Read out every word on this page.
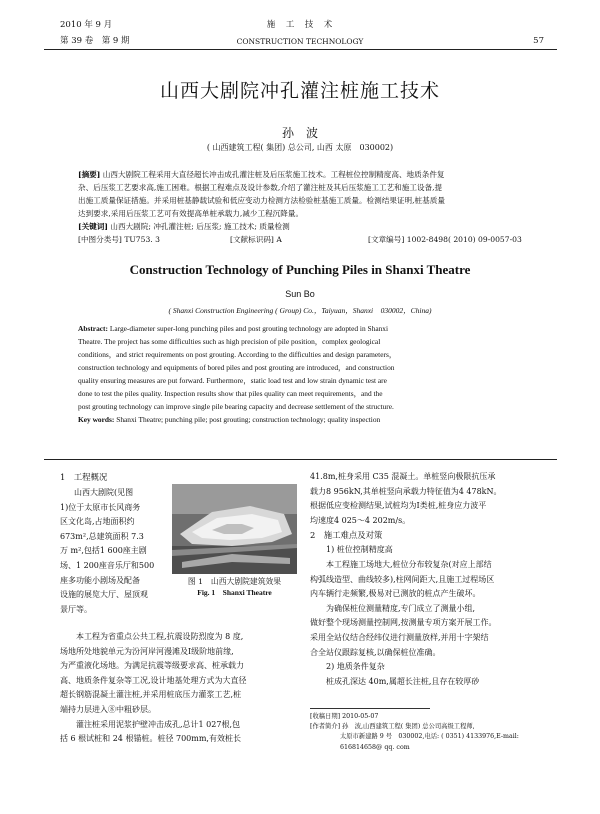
2010 年 9 月
第 39 卷　第 9 期
施　工　技　术
CONSTRUCTION TECHNOLOGY	57
山西大剧院冲孔灌注桩施工技术
孙　波
( 山西建筑工程( 集团) 总公司, 山西 太原　030002)
[摘要] 山西大剧院工程采用大直径超长冲击成孔灌注桩及后压浆施工技术。工程桩位控制精度高、地质条件复
杂、后压浆工艺要求高,施工困难。根据工程难点及设计参数,介绍了灌注桩及其后压浆施工工艺和施工设备,提
出施工质量保证措施。并采用桩基静载试验和低应变动力检测方法检验桩基施工质量。检测结果证明,桩基质量
达到要求,采用后压浆工艺可有效提高单桩承载力,减少工程沉降量。
[关键词] 山西大剧院; 冲孔灌注桩; 后压浆; 施工技术; 质量检测
[中图分类号] TU753. 3	[文献标识码] A	[文章编号] 1002-8498( 2010) 09-0057-03
Construction Technology of Punching Piles in Shanxi Theatre
Sun Bo
( Shanxi Construction Engineering ( Group) Co.，Taiyuan，Shanxi　030002，China)
Abstract: Large-diameter super-long punching piles and post grouting technology are adopted in Shanxi
Theatre. The project has some difficulties such as high precision of pile position，complex geological
conditions，and strict requirements on post grouting. According to the difficulties and design parameters，
construction technology and equipments of bored piles and post grouting are introduced，and construction
quality ensuring measures are put forward. Furthermore，static load test and low strain dynamic test are
done to test the piles quality. Inspection results show that piles quality can meet requirements，and the
post grouting technology can improve single pile bearing capacity and decrease settlement of the structure.
Key words: Shanxi Theatre; punching pile; post grouting; construction technology; quality inspection
1　工程概况
山西大剧院(见图
1)位于太原市长风商务
区文化岛,占地面积约
673m²,总建筑面积 7.3
万 m²,包括1 600座主剧
场、1 200座音乐厅和500
座多功能小剧场及配备
设施的展览大厅、屋顶观
景厅等。
图 1　山西大剧院建筑效果
Fig. 1　Shanxi Theatre
本工程为省重点公共工程,抗震设防烈度为 8 度,
场地所处地貌单元为汾河岸河漫滩及Ⅰ级阶地前缘,
为严重液化场地。为满足抗震等级要求高、桩承载力
高、地质条件复杂等工况,设计地基处理方式为大直径
超长钢筋混凝土灌注桩,并采用桩底压力灌浆工艺,桩
端持力层进入⑧中粗砂层。
灌注桩采用泥浆护壁冲击成孔,总计1 027根,包
括 6 根试桩和 24 根锚桩。桩径 700mm,有效桩长
41.8m,桩身采用 C35 混凝土。单桩竖向极限抗压承
载力8 956kN,其单桩竖向承载力特征值为4 478kN。
根据低应变检测结果,试桩均为Ⅰ类桩,桩身应力波平
均速度4 025～4 202m/s。
2　施工难点及对策
1) 桩位控制精度高
本工程施工场地大,桩位分布较复杂(对应上部结
构弧线造型、曲线较多),柱网间距大,且施工过程场区
内车辆行走频繁,极易对已测放的桩点产生破坏。
为确保桩位测量精度,专门成立了测量小组,
做好整个现场测量控制网,按测量专项方案开展工作。
采用全站仪结合经纬仪进行测量放样,并用十字架结
合全站仪跟踪复核,以确保桩位准确。
2) 地质条件复杂
桩成孔深达 40m,属超长注桩,且存在较厚砂
[收稿日期] 2010-05-07
[作者简介] 孙　波,山西建筑工程( 集团) 总公司高级工程师,
太原市新建路 9 号　030002,电话: ( 0351) 4133976,E-mail:
616814658@ qq. com
